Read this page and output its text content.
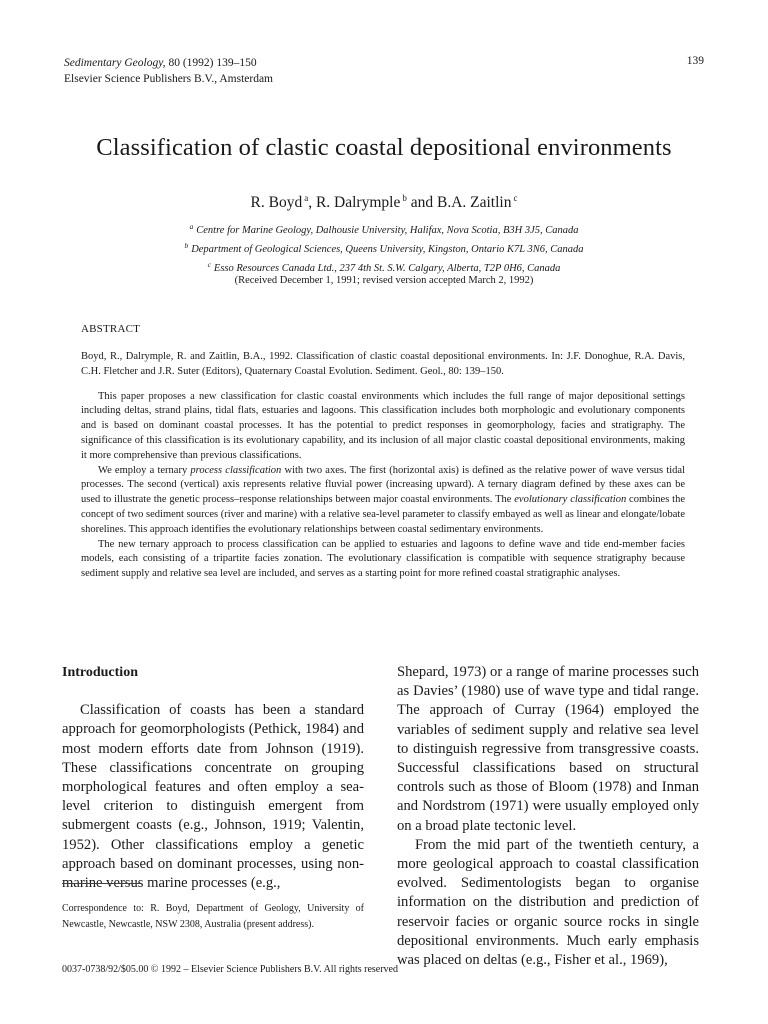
Sedimentary Geology, 80 (1992) 139–150
Elsevier Science Publishers B.V., Amsterdam
139
Classification of clastic coastal depositional environments
R. Boyd $^a$, R. Dalrymple $^b$ and B.A. Zaitlin $^c$
$^a$ Centre for Marine Geology, Dalhousie University, Halifax, Nova Scotia, B3H 3J5, Canada
$^b$ Department of Geological Sciences, Queens University, Kingston, Ontario K7L 3N6, Canada
$^c$ Esso Resources Canada Ltd., 237 4th St. S.W. Calgary, Alberta, T2P 0H6, Canada
(Received December 1, 1991; revised version accepted March 2, 1992)
ABSTRACT

Boyd, R., Dalrymple, R. and Zaitlin, B.A., 1992. Classification of clastic coastal depositional environments. In: J.F. Donoghue, R.A. Davis, C.H. Fletcher and J.R. Suter (Editors), Quaternary Coastal Evolution. Sediment. Geol., 80: 139–150.

This paper proposes a new classification for clastic coastal environments which includes the full range of major depositional settings including deltas, strand plains, tidal flats, estuaries and lagoons. This classification includes both morphologic and evolutionary components and is based on dominant coastal processes. It has the potential to predict responses in geomorphology, facies and stratigraphy. The significance of this classification is its evolutionary capability, and its inclusion of all major clastic coastal depositional environments, making it more comprehensive than previous classifications.

We employ a ternary process classification with two axes. The first (horizontal axis) is defined as the relative power of wave versus tidal processes. The second (vertical) axis represents relative fluvial power (increasing upward). A ternary diagram defined by these axes can be used to illustrate the genetic process–response relationships between major coastal environments. The evolutionary classification combines the concept of two sediment sources (river and marine) with a relative sea-level parameter to classify embayed as well as linear and elongate/lobate shorelines. This approach identifies the evolutionary relationships between coastal sedimentary environments.

The new ternary approach to process classification can be applied to estuaries and lagoons to define wave and tide end-member facies models, each consisting of a tripartite facies zonation. The evolutionary classification is compatible with sequence stratigraphy because sediment supply and relative sea level are included, and serves as a starting point for more refined coastal stratigraphic analyses.

Introduction

Classification of coasts has been a standard approach for geomorphologists (Pethick, 1984) and most modern efforts date from Johnson (1919). These classifications concentrate on grouping morphological features and often employ a sea-level criterion to distinguish emergent from submergent coasts (e.g., Johnson, 1919; Valentin, 1952). Other classifications employ a genetic approach based on dominant processes, using non-marine versus marine processes (e.g.,

Shepard, 1973) or a range of marine processes such as Davies’ (1980) use of wave type and tidal range. The approach of Curray (1964) employed the variables of sediment supply and relative sea level to distinguish regressive from transgressive coasts. Successful classifications based on structural controls such as those of Bloom (1978) and Inman and Nordstrom (1971) were usually employed only on a broad plate tectonic level.

From the mid part of the twentieth century, a more geological approach to coastal classification evolved. Sedimentologists began to organise information on the distribution and prediction of reservoir facies or organic source rocks in single depositional environments. Much early emphasis was placed on deltas (e.g., Fisher et al., 1969),

Correspondence to: R. Boyd, Department of Geology, University of Newcastle, Newcastle, NSW 2308, Australia (present address).
0037-0738/92/$05.00 © 1992 – Elsevier Science Publishers B.V. All rights reserved
